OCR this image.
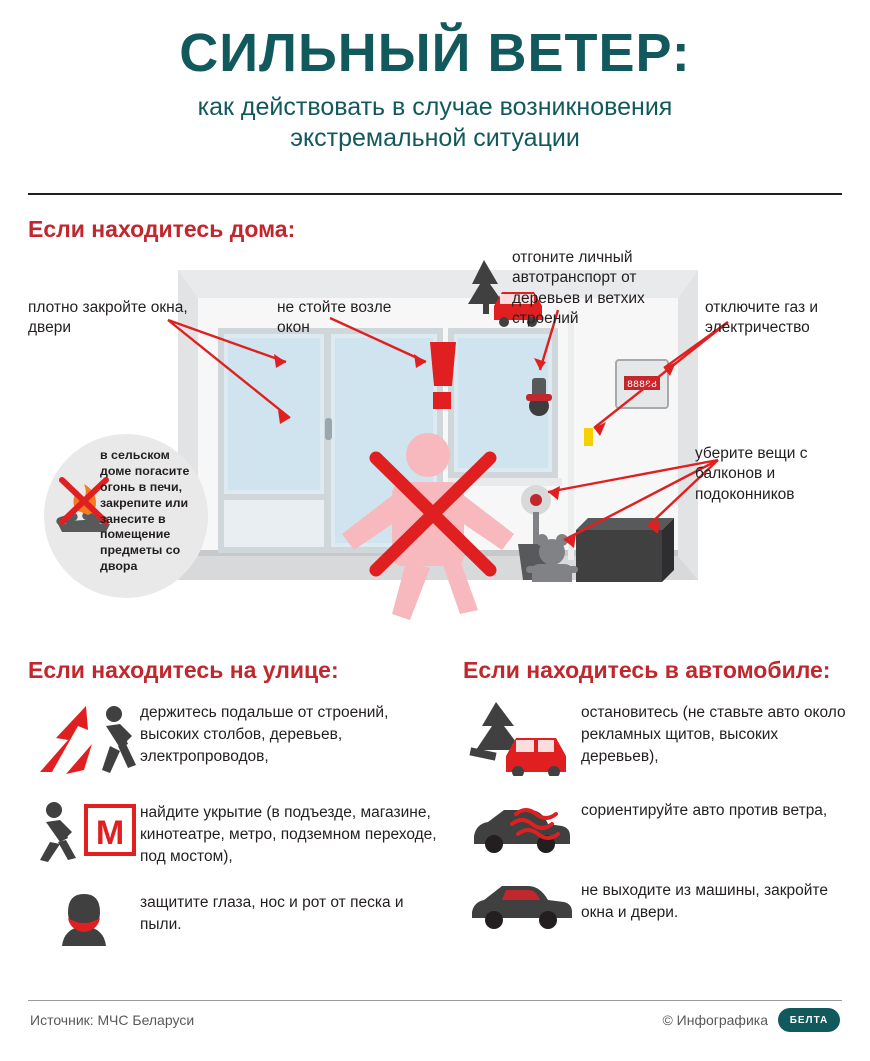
СИЛЬНЫЙ ВЕТЕР:
как действовать в случае возникновения
экстремальной ситуации
Если находитесь дома:
88888
плотно закройте окна, двери
не стойте возле окон
отгоните личный автотранспорт от деревьев и ветхих строений
отключите газ и электричество
уберите вещи с балконов и подоконников
в сельском доме погасите огонь в печи, закрепите или занесите в помещение предметы со двора
Если находитесь на улице:
держитесь подальше от строений, высоких столбов, деревьев, электропроводов,
M
найдите укрытие (в подъезде, магазине, кинотеатре, метро, подземном переходе, под мостом),
защитите глаза, нос и рот от песка и пыли.
Если находитесь в автомобиле:
остановитесь (не ставьте авто около рекламных щитов, высоких деревьев),
сориентируйте авто против ветра,
не выходите из машины, закройте окна и двери.
Источник: МЧС Беларуси	© Инфографика	БЕЛТА
